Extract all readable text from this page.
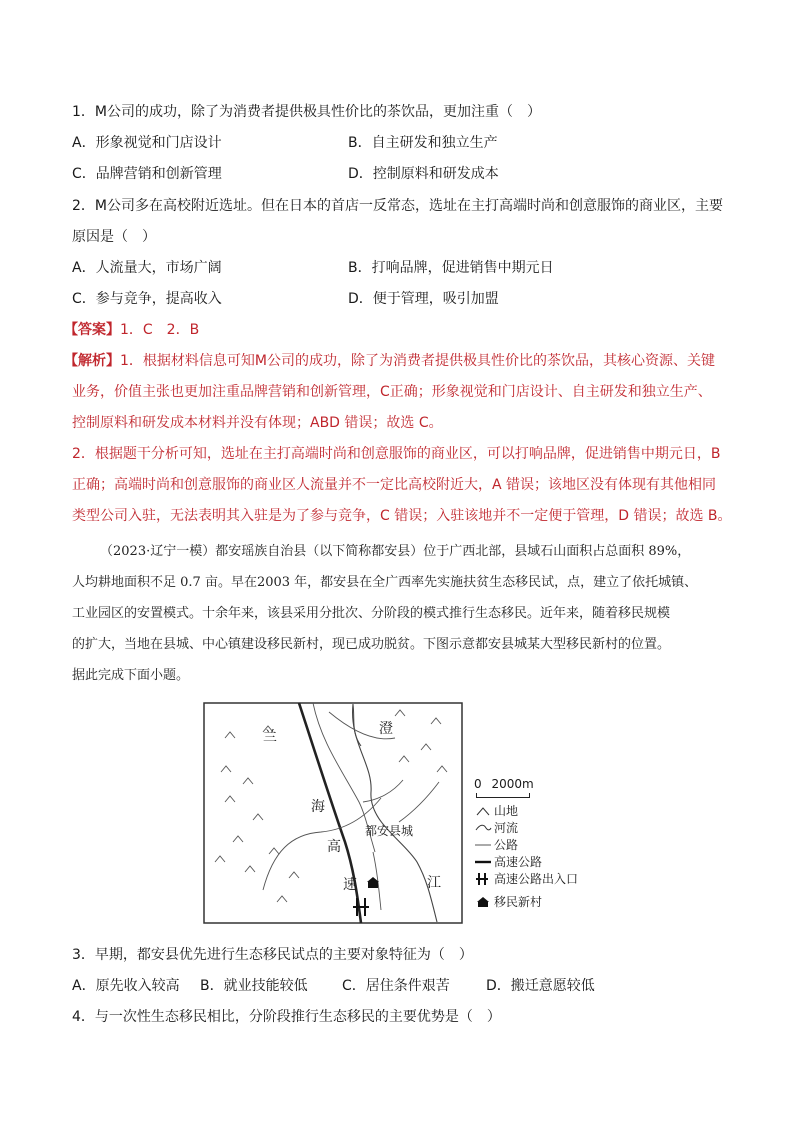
1．M公司的成功，除了为消费者提供极具性价比的茶饮品，更加注重（　）
A．形象视觉和门店设计	B．自主研发和独立生产
C．品牌营销和创新管理	D．控制原料和研发成本
2．M公司多在高校附近选址。但在日本的首店一反常态，选址在主打高端时尚和创意服饰的商业区，主要
原因是（　）
A．人流量大，市场广阔	B．打响品牌，促进销售中期元日
C．参与竞争，提高收入	D．便于管理，吸引加盟
【答案】1．C　2．B
【解析】1．根据材料信息可知M公司的成功，除了为消费者提供极具性价比的茶饮品，其核心资源、关键
业务，价值主张也更加注重品牌营销和创新管理，C正确；形象视觉和门店设计、自主研发和独立生产、
控制原料和研发成本材料并没有体现；ABD 错误；故选 C。
2．根据题干分析可知，选址在主打高端时尚和创意服饰的商业区，可以打响品牌，促进销售中期元日，B
正确；高端时尚和创意服饰的商业区人流量并不一定比高校附近大，A 错误；该地区没有体现有其他相同
类型公司入驻，无法表明其入驻是为了参与竞争，C 错误；入驻该地并不一定便于管理，D 错误；故选 B。
（2023·辽宁一模）都安瑶族自治县（以下简称都安县）位于广西北部，县域石山面积占总面积 89%，
人均耕地面积不足 0.7 亩。早在2003 年，都安县在全广西率先实施扶贫生态移民试，点，建立了依托城镇、
工业园区的安置模式。十余年来，该县采用分批次、分阶段的模式推行生态移民。近年来，随着移民规模
的扩大，当地在县城、中心镇建设移民新村，现已成功脱贫。下图示意都安县城某大型移民新村的位置。
据此完成下面小题。
兰
海
高
速
澄
江
都安县城
0 2000m
山地
河流
公路
高速公路
高速公路出入口
移民新村
3．早期，都安县优先进行生态移民试点的主要对象特征为（　）
A．原先收入较高 B．就业技能较低 C．居住条件艰苦	D．搬迁意愿较低
4．与一次性生态移民相比，分阶段推行生态移民的主要优势是（　）
